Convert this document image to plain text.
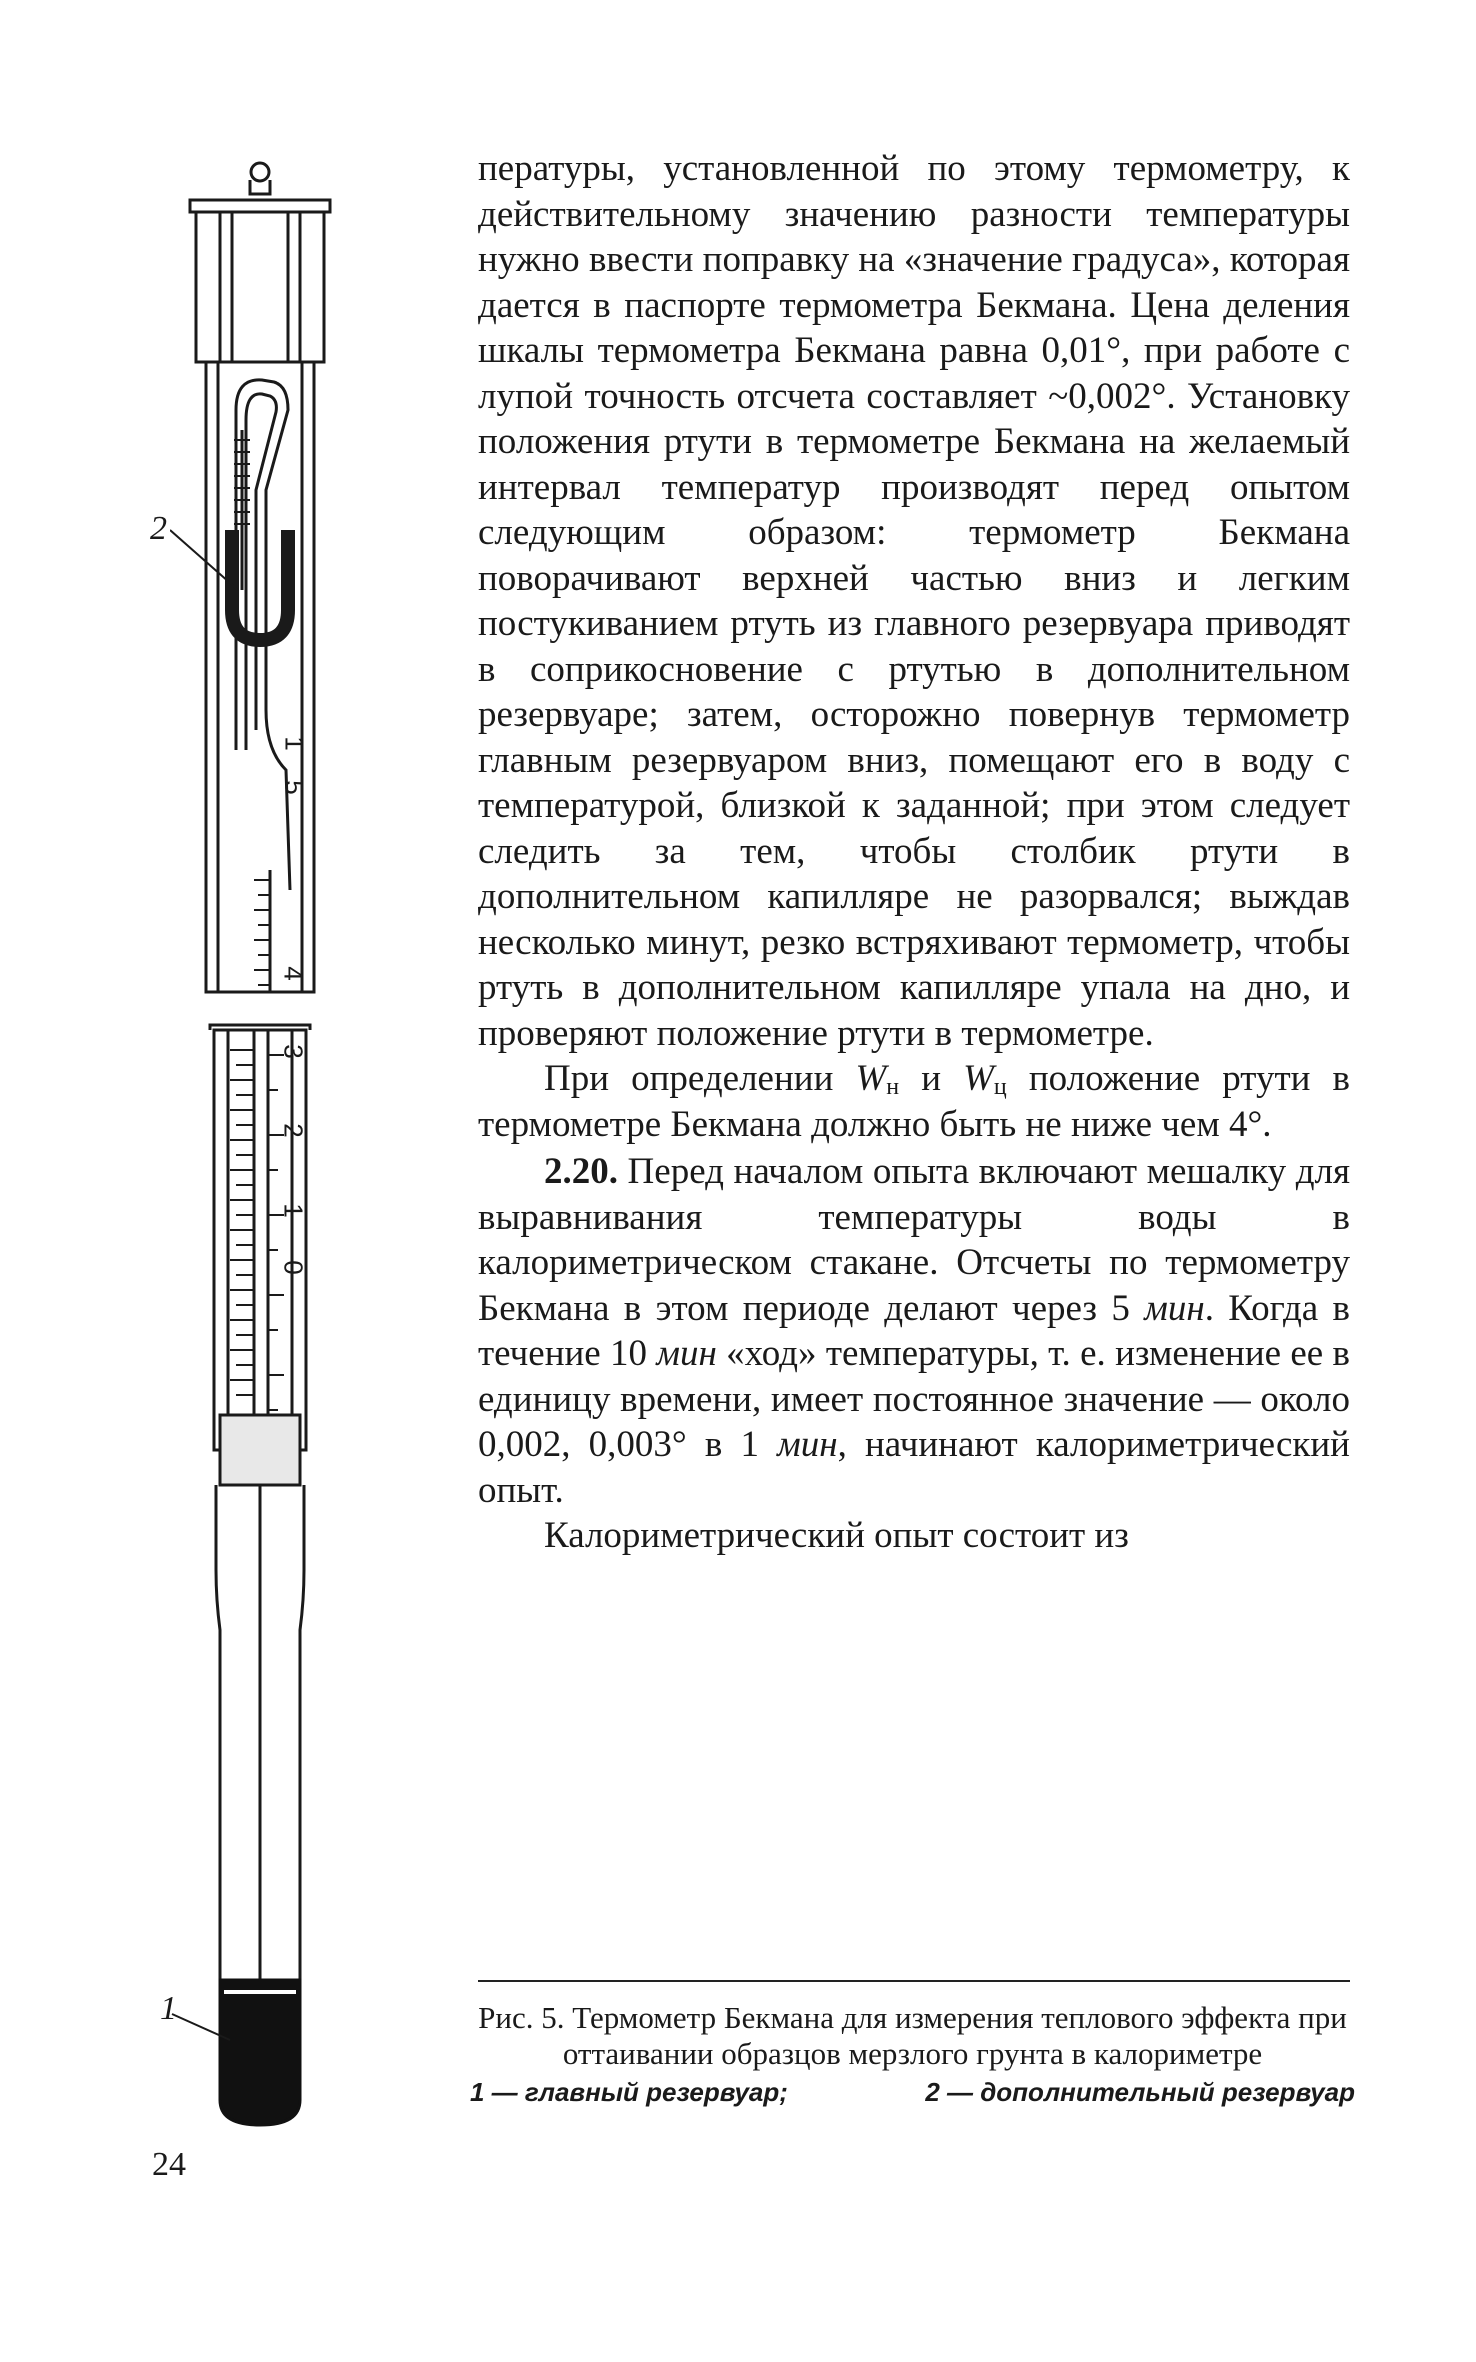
2
1
1
5
4
3
2
1
0

пературы, установленной по этому термометру, к действительному значению разности температуры нужно ввести поправку на «значение градуса», которая дается в паспорте термометра Бекмана. Цена деления шкалы термометра Бекмана равна 0,01°, при работе с лупой точность отсчета составляет ~0,002°. Установку положения ртути в термометре Бекмана на желаемый интервал температур производят перед опытом следующим образом: термометр Бекмана поворачивают верхней частью вниз и легким постукиванием ртуть из главного резервуара приводят в соприкосновение с ртутью в дополнительном резервуаре; затем, осторожно повернув термометр главным резервуаром вниз, помещают его в воду с температурой, близкой к заданной; при этом следует следить за тем, чтобы столбик ртути в дополнительном капилляре не разорвался; выждав несколько минут, резко встряхивают термометр, чтобы ртуть в дополнительном капилляре упала на дно, и проверяют положение ртути в термометре.

При определении $W_н$ и $W_ц$ положение ртути в термометре Бекмана должно быть не ниже чем 4°.

2.20. Перед началом опыта включают мешалку для выравнивания температуры воды в калориметрическом стакане. Отсчеты по термометру Бекмана в этом периоде делают через 5 мин. Когда в течение 10 мин «ход» температуры, т. е. изменение ее в единицу времени, имеет постоянное значение — около 0,002, 0,003° в 1 мин, начинают калориметрический опыт.

Калориметрический опыт состоит из

Рис. 5. Термометр Бекмана для измерения теплового эффекта при оттаивании образцов мерзлого грунта в калориметре
1 — главный резервуар;	2 — дополнительный резервуар
24
